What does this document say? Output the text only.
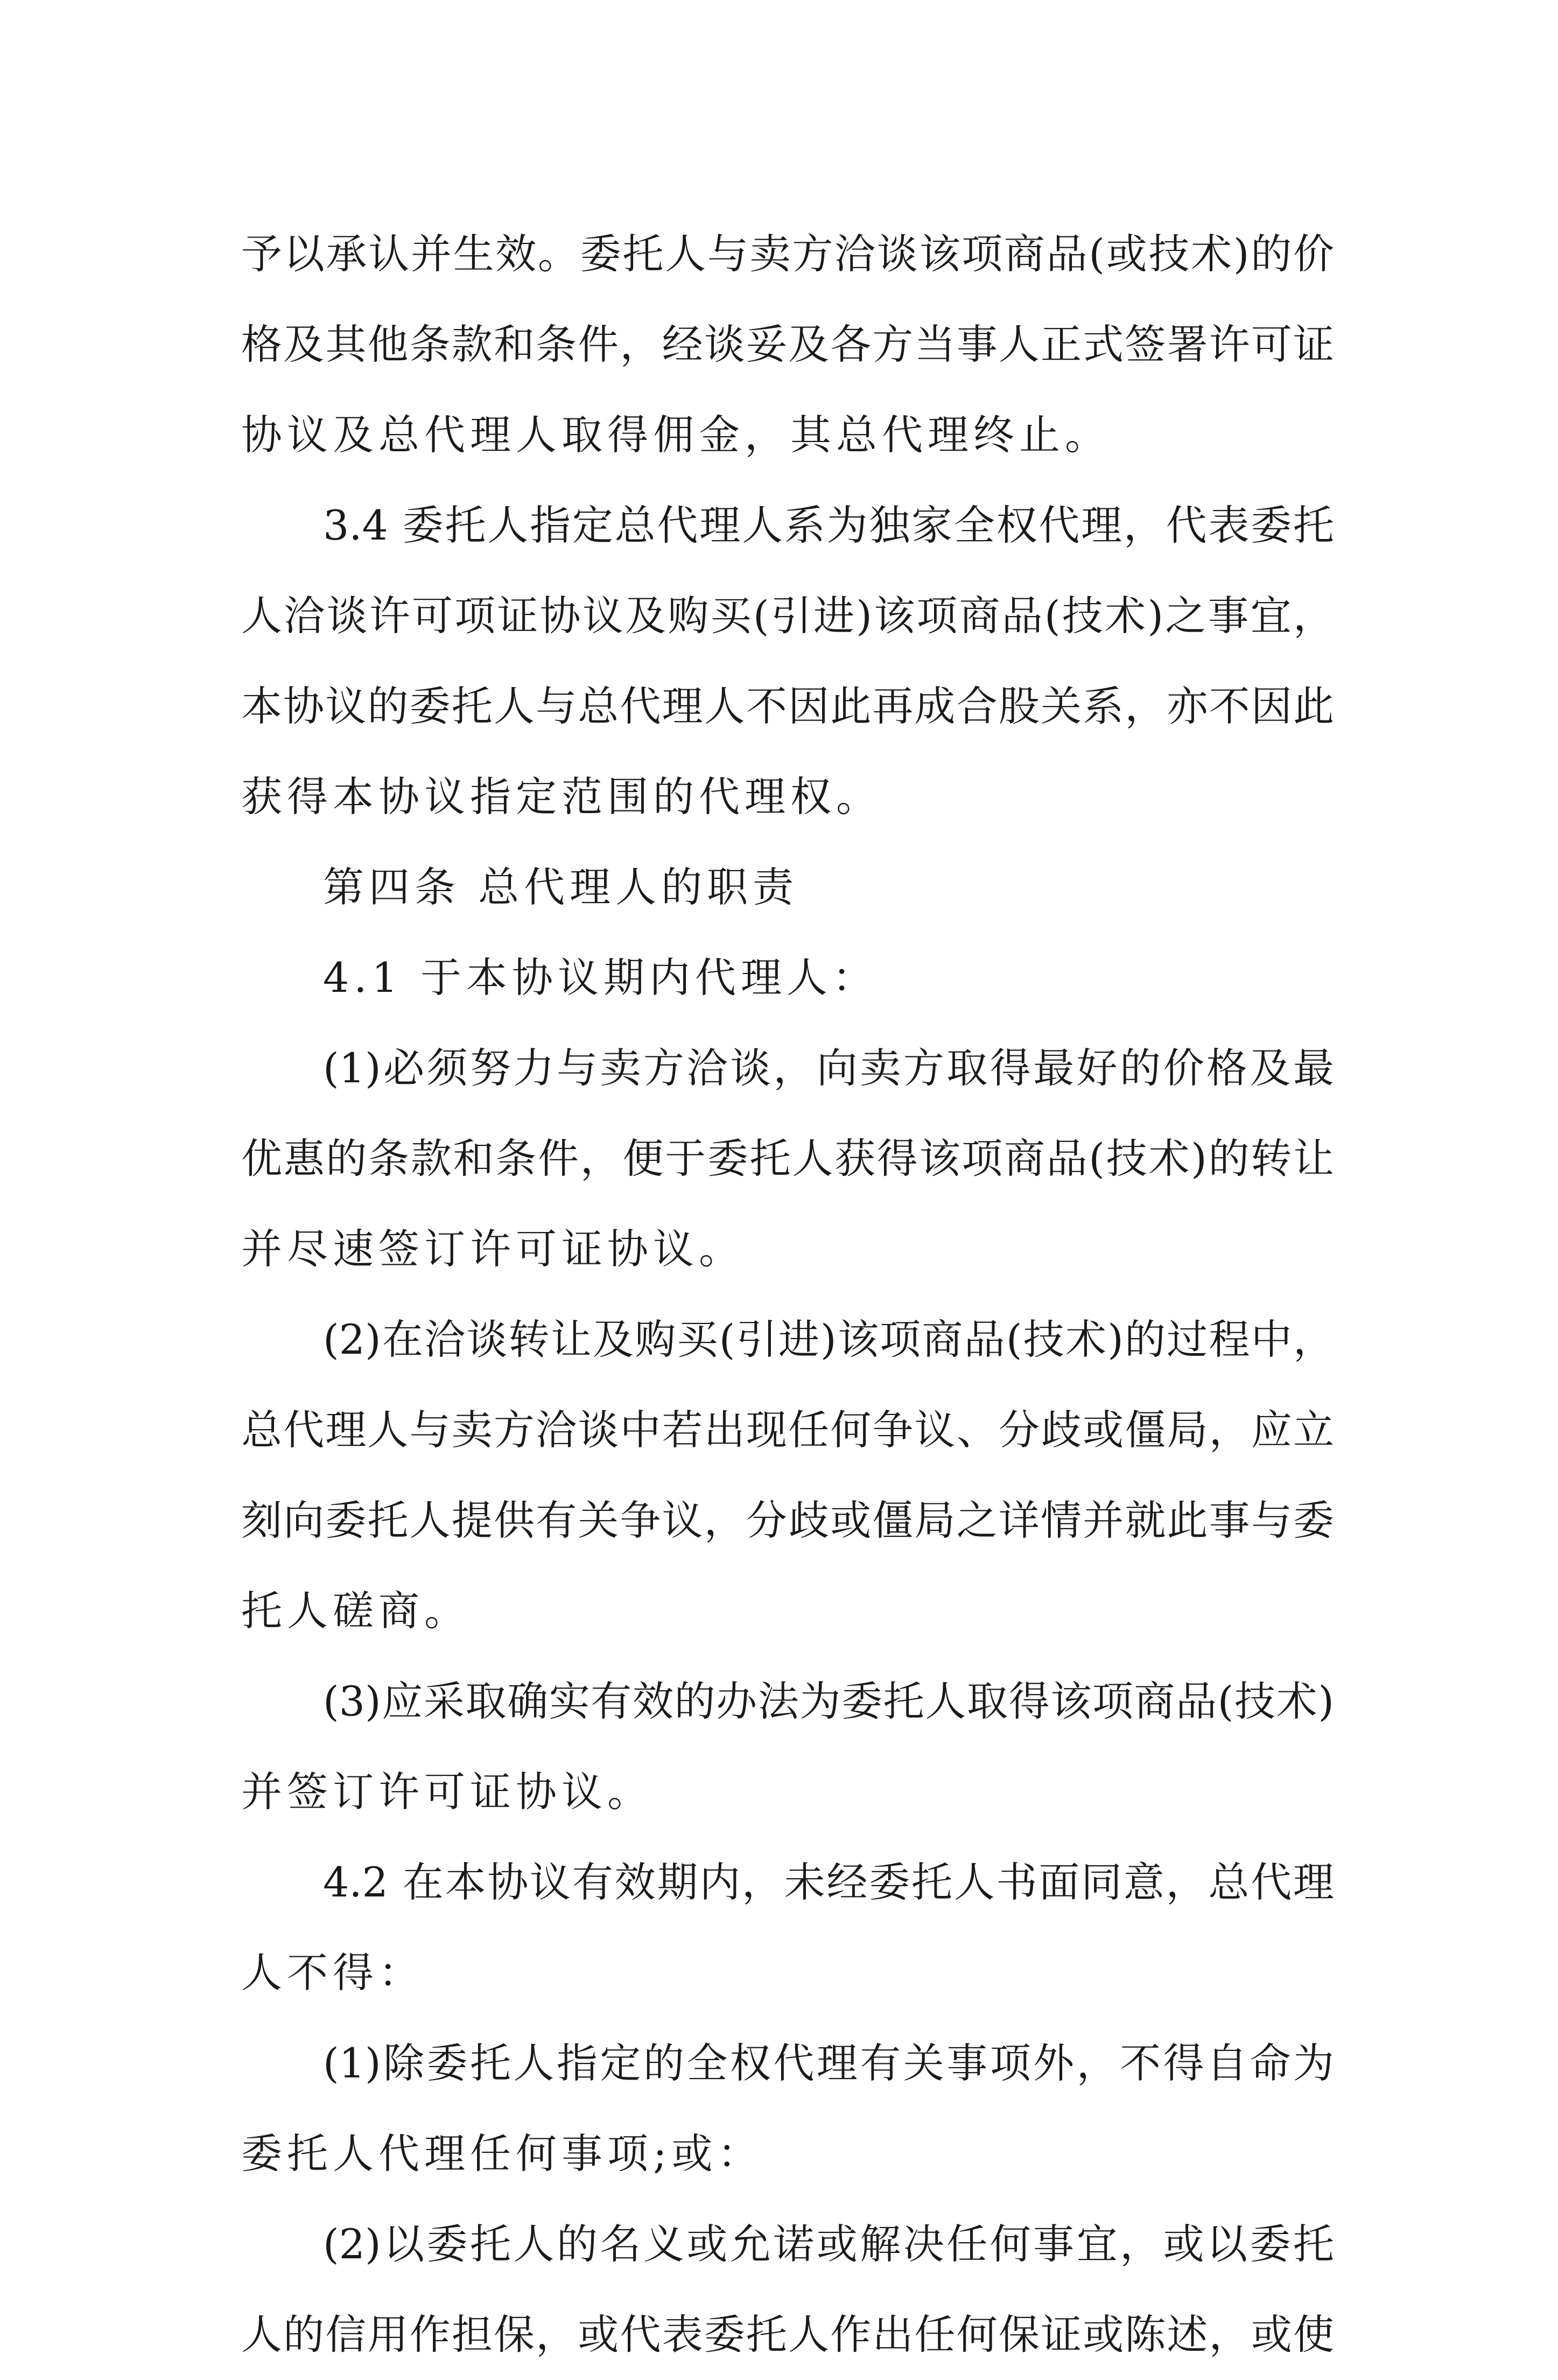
予以承认并生效。委托人与卖方洽谈该项商品(或技术)的价
格及其他条款和条件，经谈妥及各方当事人正式签署许可证
协议及总代理人取得佣金，其总代理终止。
3.4 委托人指定总代理人系为独家全权代理，代表委托
人洽谈许可项证协议及购买(引进)该项商品(技术)之事宜，
本协议的委托人与总代理人不因此再成合股关系，亦不因此
获得本协议指定范围的代理权。
第四条 总代理人的职责
4.1 于本协议期内代理人：
(1)必须努力与卖方洽谈，向卖方取得最好的价格及最
优惠的条款和条件，便于委托人获得该项商品(技术)的转让
并尽速签订许可证协议。
(2)在洽谈转让及购买(引进)该项商品(技术)的过程中，
总代理人与卖方洽谈中若出现任何争议、分歧或僵局，应立
刻向委托人提供有关争议，分歧或僵局之详情并就此事与委
托人磋商。
(3)应采取确实有效的办法为委托人取得该项商品(技术)
并签订许可证协议。
4.2 在本协议有效期内，未经委托人书面同意，总代理
人不得：
(1)除委托人指定的全权代理有关事项外，不得自命为
委托人代理任何事项;或：
(2)以委托人的名义或允诺或解决任何事宜，或以委托
人的信用作担保，或代表委托人作出任何保证或陈述，或使
